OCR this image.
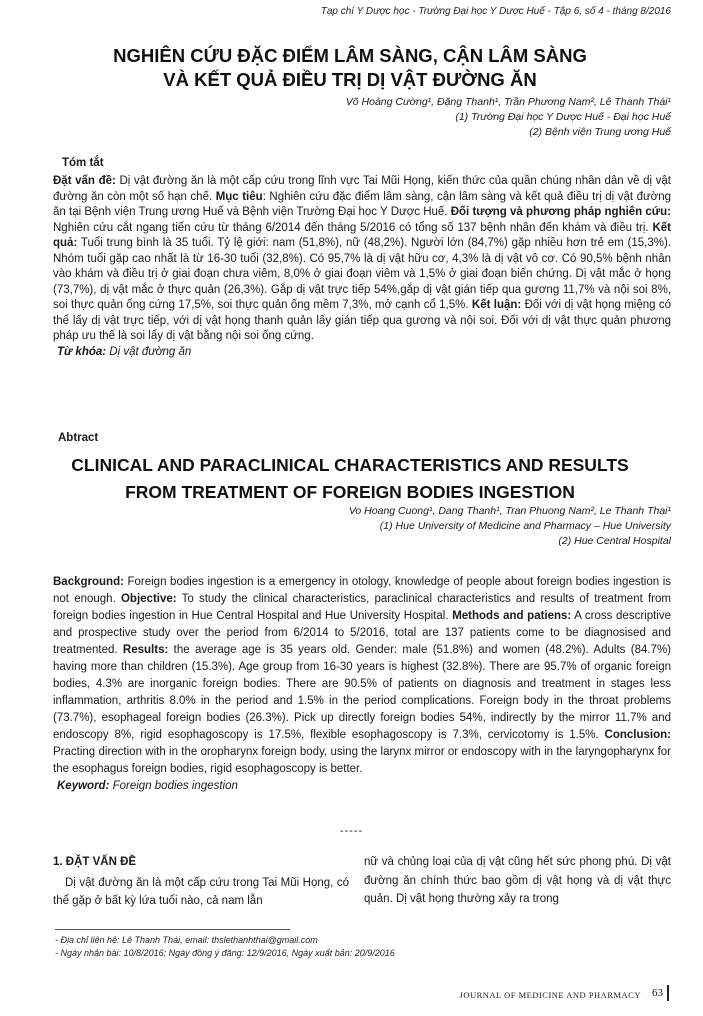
Tạp chí Y Dược học - Trường Đại học Y Dược Huế - Tập 6, số 4 - tháng 8/2016
NGHIÊN CỨU ĐẶC ĐIỂM LÂM SÀNG, CẬN LÂM SÀNG
VÀ KẾT QUẢ ĐIỀU TRỊ DỊ VẬT ĐƯỜNG ĂN
Võ Hoàng Cường¹, Đặng Thanh¹, Trần Phương Nam², Lê Thanh Thái¹
(1) Trường Đại học Y Dược Huế - Đại học Huế
(2) Bệnh viện Trung ương Huế
Tóm tắt

Đặt vấn đề: Dị vật đường ăn là một cấp cứu trong lĩnh vực Tai Mũi Họng, kiến thức của quần chúng nhân dân về dị vật đường ăn còn một số hạn chế. Mục tiêu: Nghiên cứu đặc điểm lâm sàng, cận lâm sàng và kết quả điều trị dị vật đường ăn tại Bệnh viện Trung ương Huế và Bệnh viện Trường Đại học Y Dược Huế. Đối tượng và phương pháp nghiên cứu: Nghiên cứu cắt ngang tiến cứu từ tháng 6/2014 đến tháng 5/2016 có tổng số 137 bệnh nhân đến khám và điều trị. Kết quả: Tuổi trung bình là 35 tuổi. Tỷ lệ giới: nam (51,8%), nữ (48,2%). Người lớn (84,7%) gặp nhiều hơn trẻ em (15,3%). Nhóm tuổi gặp cao nhất là từ 16-30 tuổi (32,8%). Có 95,7% là dị vật hữu cơ, 4,3% là dị vật vô cơ. Có 90,5% bệnh nhân vào khám và điều trị ở giai đoạn chưa viêm, 8,0% ở giai đoạn viêm và 1,5% ở giai đoạn biến chứng. Dị vật mắc ở họng (73,7%), dị vật mắc ở thực quản (26,3%). Gắp dị vật trực tiếp 54%,gắp dị vật gián tiếp qua gương 11,7% và nội soi 8%, soi thực quản ống cứng 17,5%, soi thực quản ống mềm 7,3%, mở cạnh cổ 1,5%. Kết luận: Đối với dị vật họng miệng có thể lấy dị vật trực tiếp, với dị vật họng thanh quản lấy gián tiếp qua gương và nội soi. Đối với dị vật thực quản phương pháp ưu thế là soi lấy dị vật bằng nội soi ống cứng.

Từ khóa: Dị vật đường ăn

Abtract
CLINICAL AND PARACLINICAL CHARACTERISTICS AND RESULTS
FROM TREATMENT OF FOREIGN BODIES INGESTION
Vo Hoang Cuong¹, Dang Thanh¹, Tran Phuong Nam², Le Thanh Thai¹
(1) Hue University of Medicine and Pharmacy – Hue University
(2) Hue Central Hospital

Background: Foreign bodies ingestion is a emergency in otology, knowledge of people about foreign bodies ingestion is not enough. Objective: To study the clinical characteristics, paraclinical characteristics and results of treatment from foreign bodies ingestion in Hue Central Hospital and Hue University Hospital. Methods and patiens: A cross descriptive and prospective study over the period from 6/2014 to 5/2016, total are 137 patients come to be diagnosised and treatmented. Results: the average age is 35 years old. Gender: male (51.8%) and women (48.2%). Adults (84.7%) having more than children (15.3%). Age group from 16-30 years is highest (32.8%). There are 95.7% of organic foreign bodies, 4.3% are inorganic foreign bodies. There are 90.5% of patients on diagnosis and treatment in stages less inflammation, arthritis 8.0% in the period and 1.5% in the period complications. Foreign body in the throat problems (73.7%), esophageal foreign bodies (26.3%). Pick up directly foreign bodies 54%, indirectly by the mirror 11.7% and endoscopy 8%, rigid esophagoscopy is 17.5%, flexible esophagoscopy is 7.3%, cervicotomy is 1.5%. Conclusion: Practing direction with in the oropharynx foreign body, using the larynx mirror or endoscopy with in the laryngopharynx for the esophagus foreign bodies, rigid esophagoscopy is better.

Keyword: Foreign bodies ingestion

-----

1. ĐẶT VẤN ĐỀ

Dị vật đường ăn là một cấp cứu trong Tai Mũi Họng, có thể gặp ở bất kỳ lứa tuổi nào, cả nam lẫn

nữ và chủng loại của dị vật cũng hết sức phong phú. Dị vật đường ăn chính thức bao gồm dị vật họng và dị vật thực quản. Dị vật họng thường xảy ra trong

- Địa chỉ liên hệ: Lê Thanh Thái, email: thslethanhthai@gmail.com
- Ngày nhận bài: 10/8/2016; Ngày đồng ý đăng: 12/9/2016, Ngày xuất bản: 20/9/2016
JOURNAL OF MEDICINE AND PHARMACY 63
